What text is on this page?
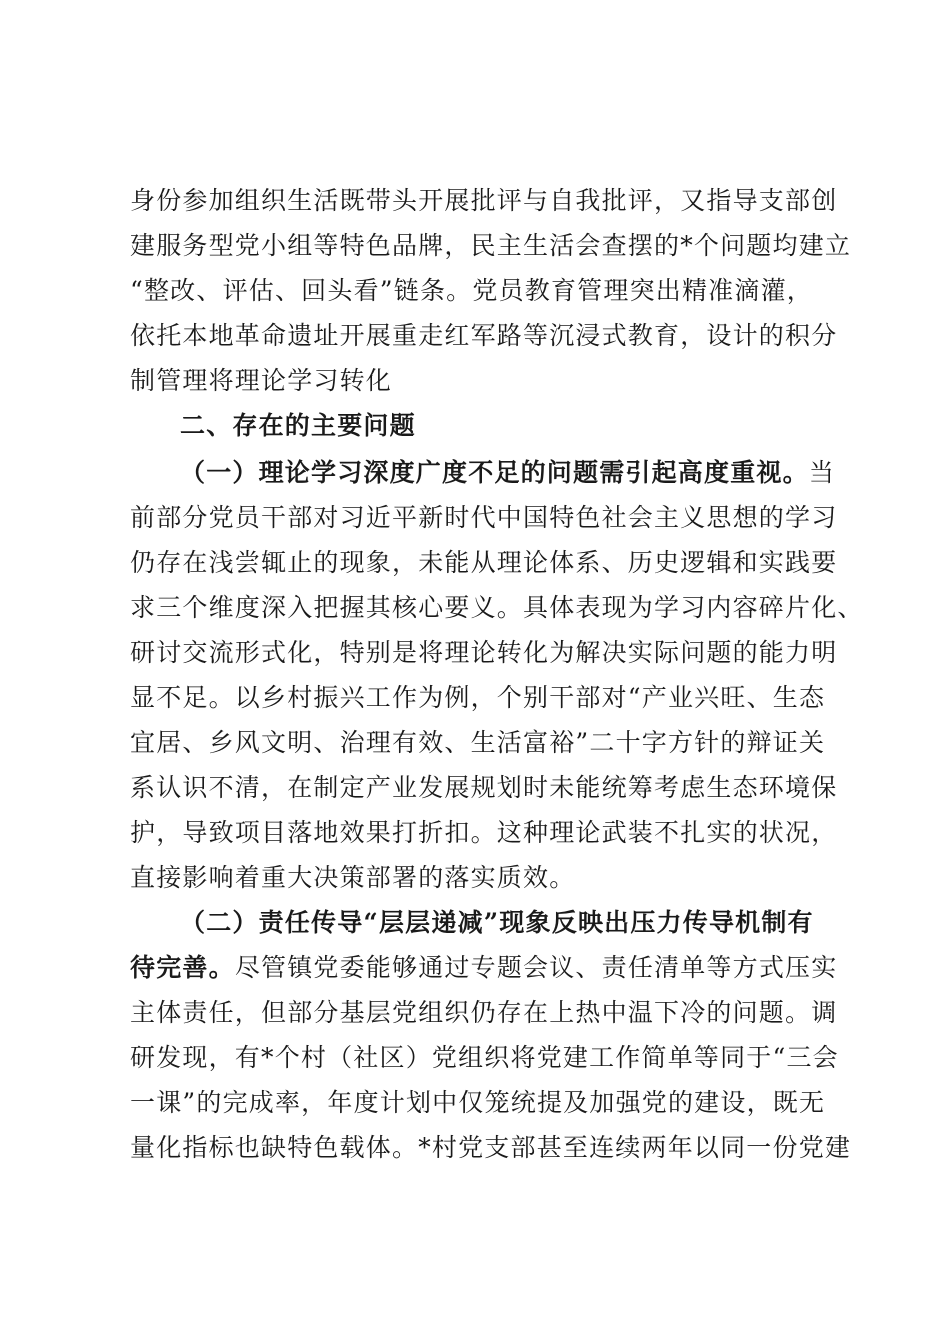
身份参加组织生活既带头开展批评与自我批评，又指导支部创
建服务型党小组等特色品牌，民主生活会查摆的*个问题均建立
“整改、评估、回头看”链条。党员教育管理突出精准滴灌，
依托本地革命遗址开展重走红军路等沉浸式教育，设计的积分
制管理将理论学习转化
二、存在的主要问题
（一）理论学习深度广度不足的问题需引起高度重视。当
前部分党员干部对习近平新时代中国特色社会主义思想的学习
仍存在浅尝辄止的现象，未能从理论体系、历史逻辑和实践要
求三个维度深入把握其核心要义。具体表现为学习内容碎片化、
研讨交流形式化，特别是将理论转化为解决实际问题的能力明
显不足。以乡村振兴工作为例，个别干部对“产业兴旺、生态
宜居、乡风文明、治理有效、生活富裕”二十字方针的辩证关
系认识不清，在制定产业发展规划时未能统筹考虑生态环境保
护，导致项目落地效果打折扣。这种理论武装不扎实的状况，
直接影响着重大决策部署的落实质效。
（二）责任传导“层层递减”现象反映出压力传导机制有
待完善。尽管镇党委能够通过专题会议、责任清单等方式压实
主体责任，但部分基层党组织仍存在上热中温下冷的问题。调
研发现，有*个村（社区）党组织将党建工作简单等同于“三会
一课”的完成率，年度计划中仅笼统提及加强党的建设，既无
量化指标也缺特色载体。*村党支部甚至连续两年以同一份党建
